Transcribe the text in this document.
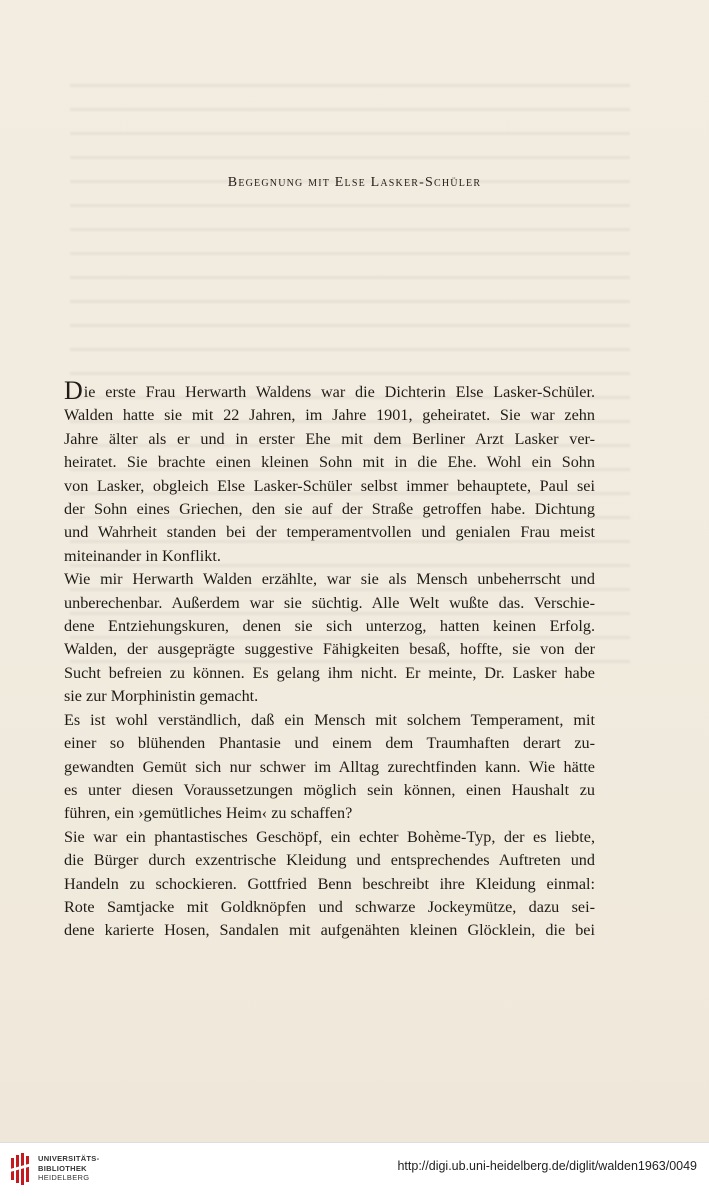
Begegnung mit Else Lasker-Schüler
Die erste Frau Herwarth Waldens war die Dichterin Else Lasker-Schüler.
Walden hatte sie mit 22 Jahren, im Jahre 1901, geheiratet. Sie war zehn
Jahre älter als er und in erster Ehe mit dem Berliner Arzt Lasker ver-
heiratet. Sie brachte einen kleinen Sohn mit in die Ehe. Wohl ein Sohn
von Lasker, obgleich Else Lasker-Schüler selbst immer behauptete, Paul sei
der Sohn eines Griechen, den sie auf der Straße getroffen habe. Dichtung
und Wahrheit standen bei der temperamentvollen und genialen Frau meist
miteinander in Konflikt.
Wie mir Herwarth Walden erzählte, war sie als Mensch unbeherrscht und
unberechenbar. Außerdem war sie süchtig. Alle Welt wußte das. Verschie-
dene Entziehungskuren, denen sie sich unterzog, hatten keinen Erfolg.
Walden, der ausgeprägte suggestive Fähigkeiten besaß, hoffte, sie von der
Sucht befreien zu können. Es gelang ihm nicht. Er meinte, Dr. Lasker habe
sie zur Morphinistin gemacht.
Es ist wohl verständlich, daß ein Mensch mit solchem Temperament, mit
einer so blühenden Phantasie und einem dem Traumhaften derart zu-
gewandten Gemüt sich nur schwer im Alltag zurechtfinden kann. Wie hätte
es unter diesen Voraussetzungen möglich sein können, einen Haushalt zu
führen, ein ›gemütliches Heim‹ zu schaffen?
Sie war ein phantastisches Geschöpf, ein echter Bohème-Typ, der es liebte,
die Bürger durch exzentrische Kleidung und entsprechendes Auftreten und
Handeln zu schockieren. Gottfried Benn beschreibt ihre Kleidung einmal:
Rote Samtjacke mit Goldknöpfen und schwarze Jockeymütze, dazu sei-
dene karierte Hosen, Sandalen mit aufgenähten kleinen Glöcklein, die bei
UNIVERSITÄTS-
BIBLIOTHEK
HEIDELBERG
http://digi.ub.uni-heidelberg.de/diglit/walden1963/0049
